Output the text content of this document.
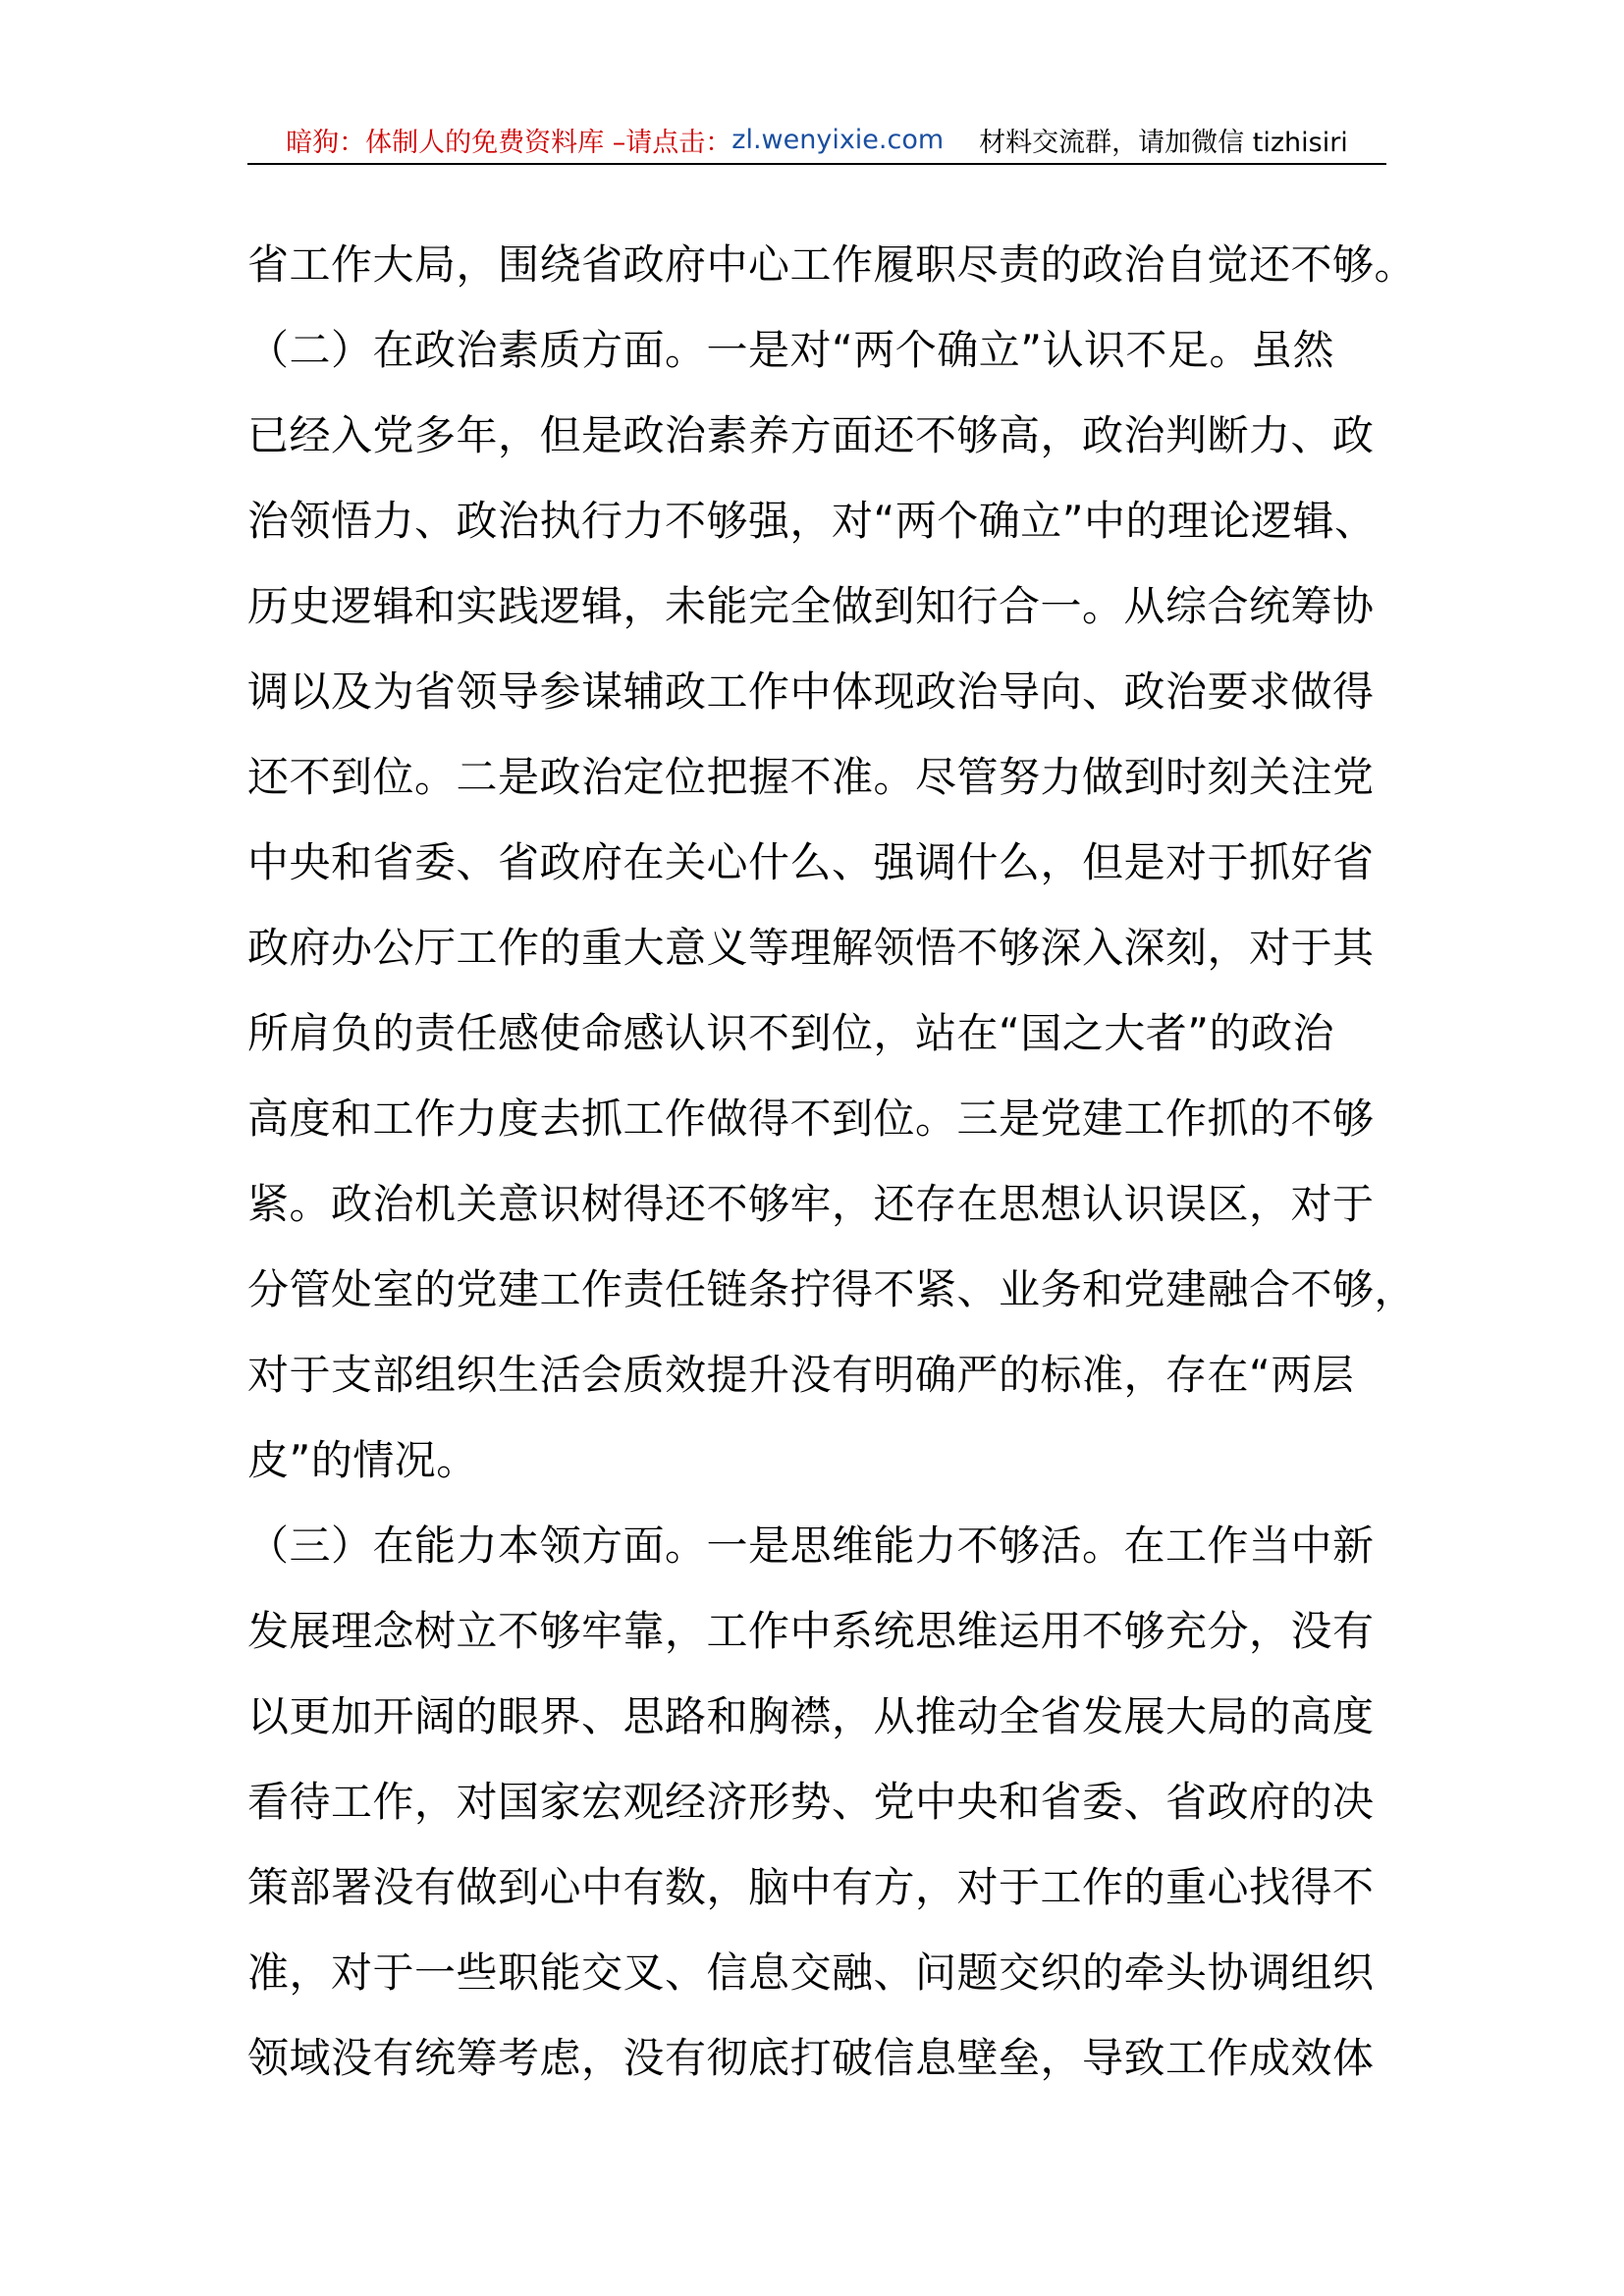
暗狗：体制人的免费资料库 –请点击： zl.wenyixie.com 材料交流群，请加微信 tizhisiri
省工作大局，围绕省政府中心工作履职尽责的政治自觉还不够。
（二）在政治素质方面。一是对“两个确立”认识不足。虽然
已经入党多年，但是政治素养方面还不够高，政治判断力、政
治领悟力、政治执行力不够强，对“两个确立”中的理论逻辑、
历史逻辑和实践逻辑，未能完全做到知行合一。从综合统筹协
调以及为省领导参谋辅政工作中体现政治导向、政治要求做得
还不到位。二是政治定位把握不准。尽管努力做到时刻关注党
中央和省委、省政府在关心什么、强调什么，但是对于抓好省
政府办公厅工作的重大意义等理解领悟不够深入深刻，对于其
所肩负的责任感使命感认识不到位，站在“国之大者”的政治
高度和工作力度去抓工作做得不到位。三是党建工作抓的不够
紧。政治机关意识树得还不够牢，还存在思想认识误区，对于
分管处室的党建工作责任链条拧得不紧、业务和党建融合不够，
对于支部组织生活会质效提升没有明确严的标准，存在“两层
皮”的情况。
（三）在能力本领方面。一是思维能力不够活。在工作当中新
发展理念树立不够牢靠，工作中系统思维运用不够充分，没有
以更加开阔的眼界、思路和胸襟，从推动全省发展大局的高度
看待工作，对国家宏观经济形势、党中央和省委、省政府的决
策部署没有做到心中有数，脑中有方，对于工作的重心找得不
准，对于一些职能交叉、信息交融、问题交织的牵头协调组织
领域没有统筹考虑，没有彻底打破信息壁垒，导致工作成效体
